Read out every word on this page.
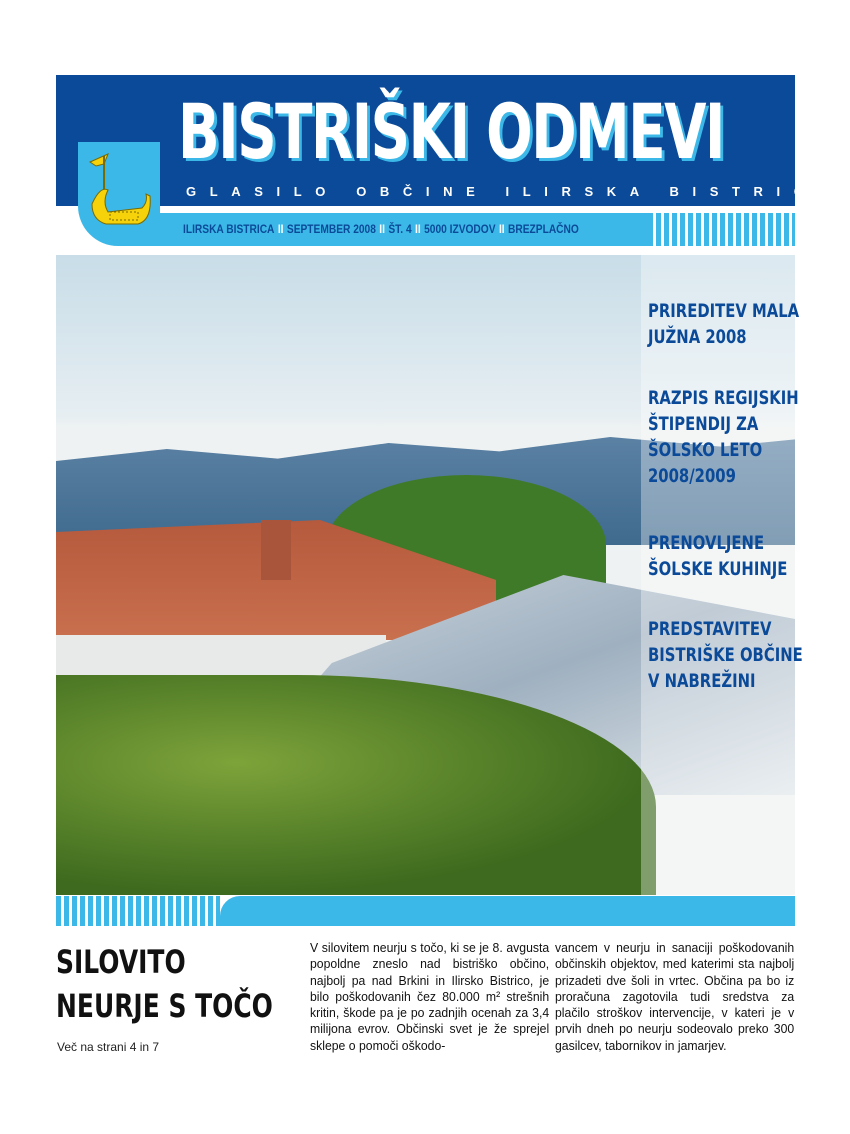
BISTRIŠKI ODMEVI
GLASILO OBČINE ILIRSKA BISTRICA
ILIRSKA BISTRICA II SEPTEMBER 2008 II ŠT. 4 II 5000 IZVODOV II BREZPLAČNO
PRIREDITEV MALA
JUŽNA 2008
RAZPIS REGIJSKIH
ŠTIPENDIJ ZA
ŠOLSKO LETO
2008/2009
PRENOVLJENE
ŠOLSKE KUHINJE
PREDSTAVITEV
BISTRIŠKE OBČINE
V NABREŽINI
SILOVITO
NEURJE S TOČO
Več na strani 4 in 7
V silovitem neurju s točo, ki se je 8. avgusta popoldne zneslo nad bistriško občino, najbolj pa nad Brkini in Ilirsko Bistrico, je bilo poškodovanih čez 80.000 m² strešnih kritin, škode pa je po zadnjih ocenah za 3,4 milijona evrov. Občinski svet je že sprejel sklepe o pomoči oškodo-
vancem v neurju in sanaciji poškodovanih občinskih objektov, med katerimi sta najbolj prizadeti dve šoli in vrtec. Občina pa bo iz proračuna zagotovila tudi sredstva za plačilo stroškov intervencije, v kateri je v prvih dneh po neurju sodeovalo preko 300 gasilcev, tabornikov in jamarjev.
